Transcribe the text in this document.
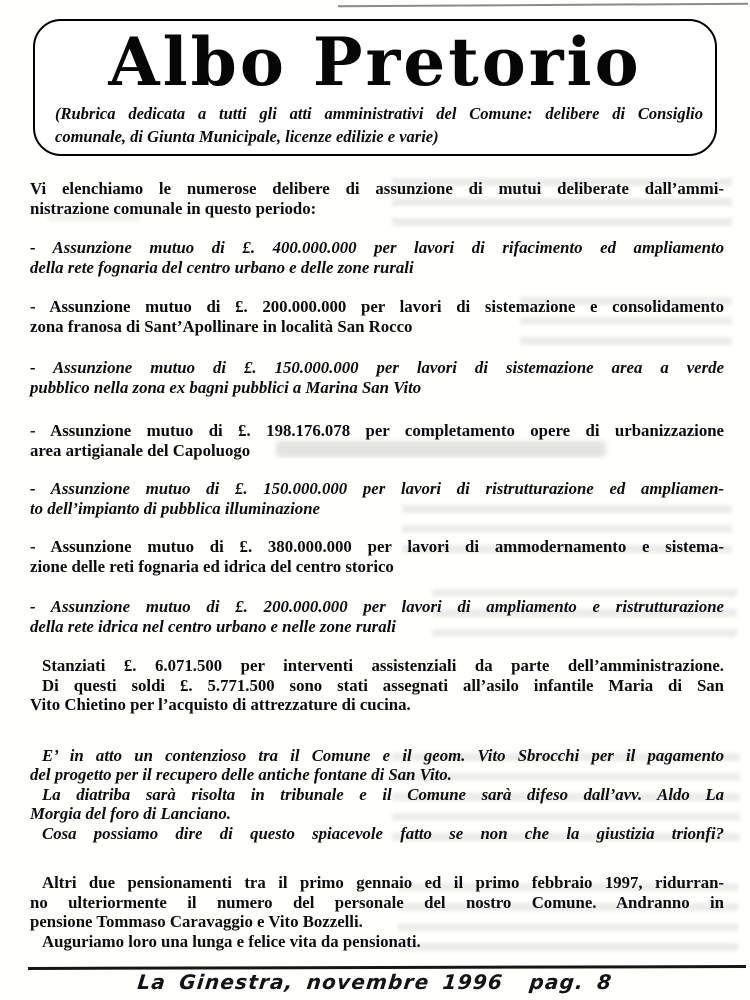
Albo Pretorio
(Rubrica dedicata a tutti gli atti amministrativi del Comune: delibere di Consiglio
comunale, di Giunta Municipale, licenze edilizie e varie)
Vi elenchiamo le numerose delibere di assunzione di mutui deliberate dall’ammi-
nistrazione comunale in questo periodo:
- Assunzione mutuo di £. 400.000.000 per lavori di rifacimento ed ampliamento
della rete fognaria del centro urbano e delle zone rurali
- Assunzione mutuo di £. 200.000.000 per lavori di sistemazione e consolidamento
zona franosa di Sant’Apollinare in località San Rocco
- Assunzione mutuo di £. 150.000.000 per lavori di sistemazione area a verde
pubblico nella zona ex bagni pubblici a Marina San Vito
- Assunzione mutuo di £. 198.176.078 per completamento opere di urbanizzazione
area artigianale del Capoluogo
- Assunzione mutuo di £. 150.000.000 per lavori di ristrutturazione ed ampliamen-
to dell’impianto di pubblica illuminazione
- Assunzione mutuo di £. 380.000.000 per lavori di ammodernamento e sistema-
zione delle reti fognaria ed idrica del centro storico
- Assunzione mutuo di £. 200.000.000 per lavori di ampliamento e ristrutturazione
della rete idrica nel centro urbano e nelle zone rurali
Stanziati £. 6.071.500 per interventi assistenziali da parte dell’amministrazione.
Di questi soldi £. 5.771.500 sono stati assegnati all’asilo infantile Maria di San
Vito Chietino per l’acquisto di attrezzature di cucina.
E’ in atto un contenzioso tra il Comune e il geom. Vito Sbrocchi per il pagamento
del progetto per il recupero delle antiche fontane di San Vito.
La diatriba sarà risolta in tribunale e il Comune sarà difeso dall’avv. Aldo La
Morgia del foro di Lanciano.
Cosa possiamo dire di questo spiacevole fatto se non che la giustizia trionfi?
Altri due pensionamenti tra il primo gennaio ed il primo febbraio 1997, ridurran-
no ulteriormente il numero del personale del nostro Comune. Andranno in
pensione Tommaso Caravaggio e Vito Bozzelli.
Auguriamo loro una lunga e felice vita da pensionati.
La Ginestra, novembre 1996  pag. 8
